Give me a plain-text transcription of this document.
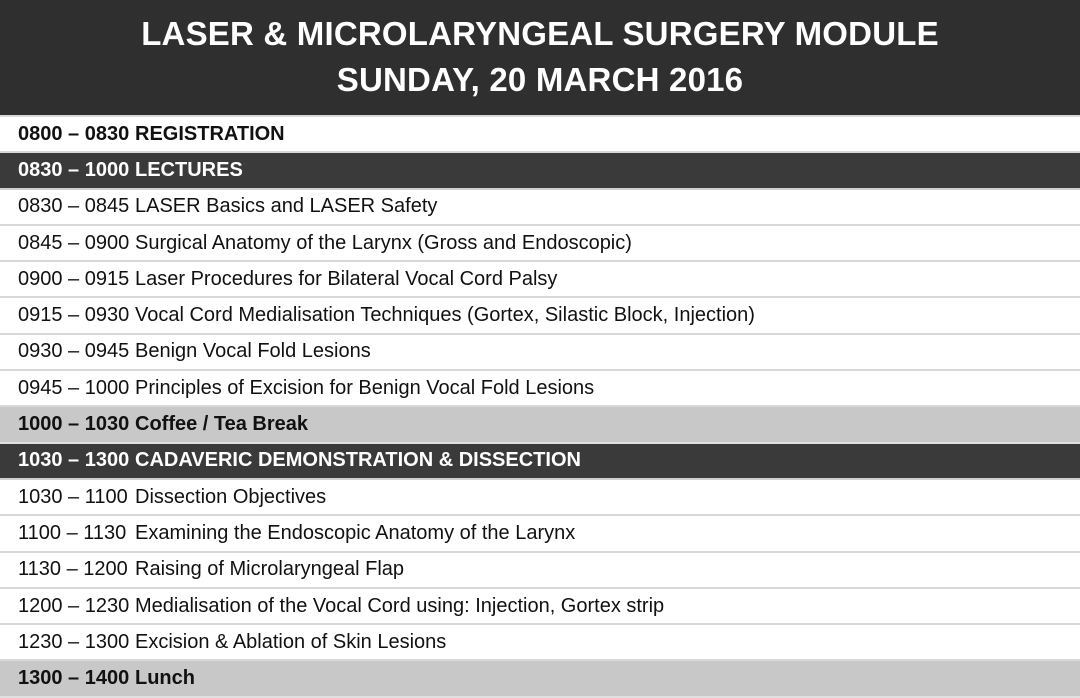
LASER & MICROLARYNGEAL SURGERY MODULE
SUNDAY, 20 MARCH 2016
0800 – 0830 REGISTRATION
0830 – 1000 LECTURES
0830 – 0845 LASER Basics and LASER Safety
0845 – 0900 Surgical Anatomy of the Larynx (Gross and Endoscopic)
0900 – 0915 Laser Procedures for Bilateral Vocal Cord Palsy
0915 – 0930 Vocal Cord Medialisation Techniques (Gortex, Silastic Block, Injection)
0930 – 0945 Benign Vocal Fold Lesions
0945 – 1000 Principles of Excision for Benign Vocal Fold Lesions
1000 – 1030 Coffee / Tea Break
1030 – 1300 CADAVERIC DEMONSTRATION & DISSECTION
1030 – 1100 Dissection Objectives
1100 – 1130 Examining the Endoscopic Anatomy of the Larynx
1130 – 1200 Raising of Microlaryngeal Flap
1200 – 1230 Medialisation of the Vocal Cord using: Injection, Gortex strip
1230 – 1300 Excision & Ablation of Skin Lesions
1300 – 1400 Lunch
